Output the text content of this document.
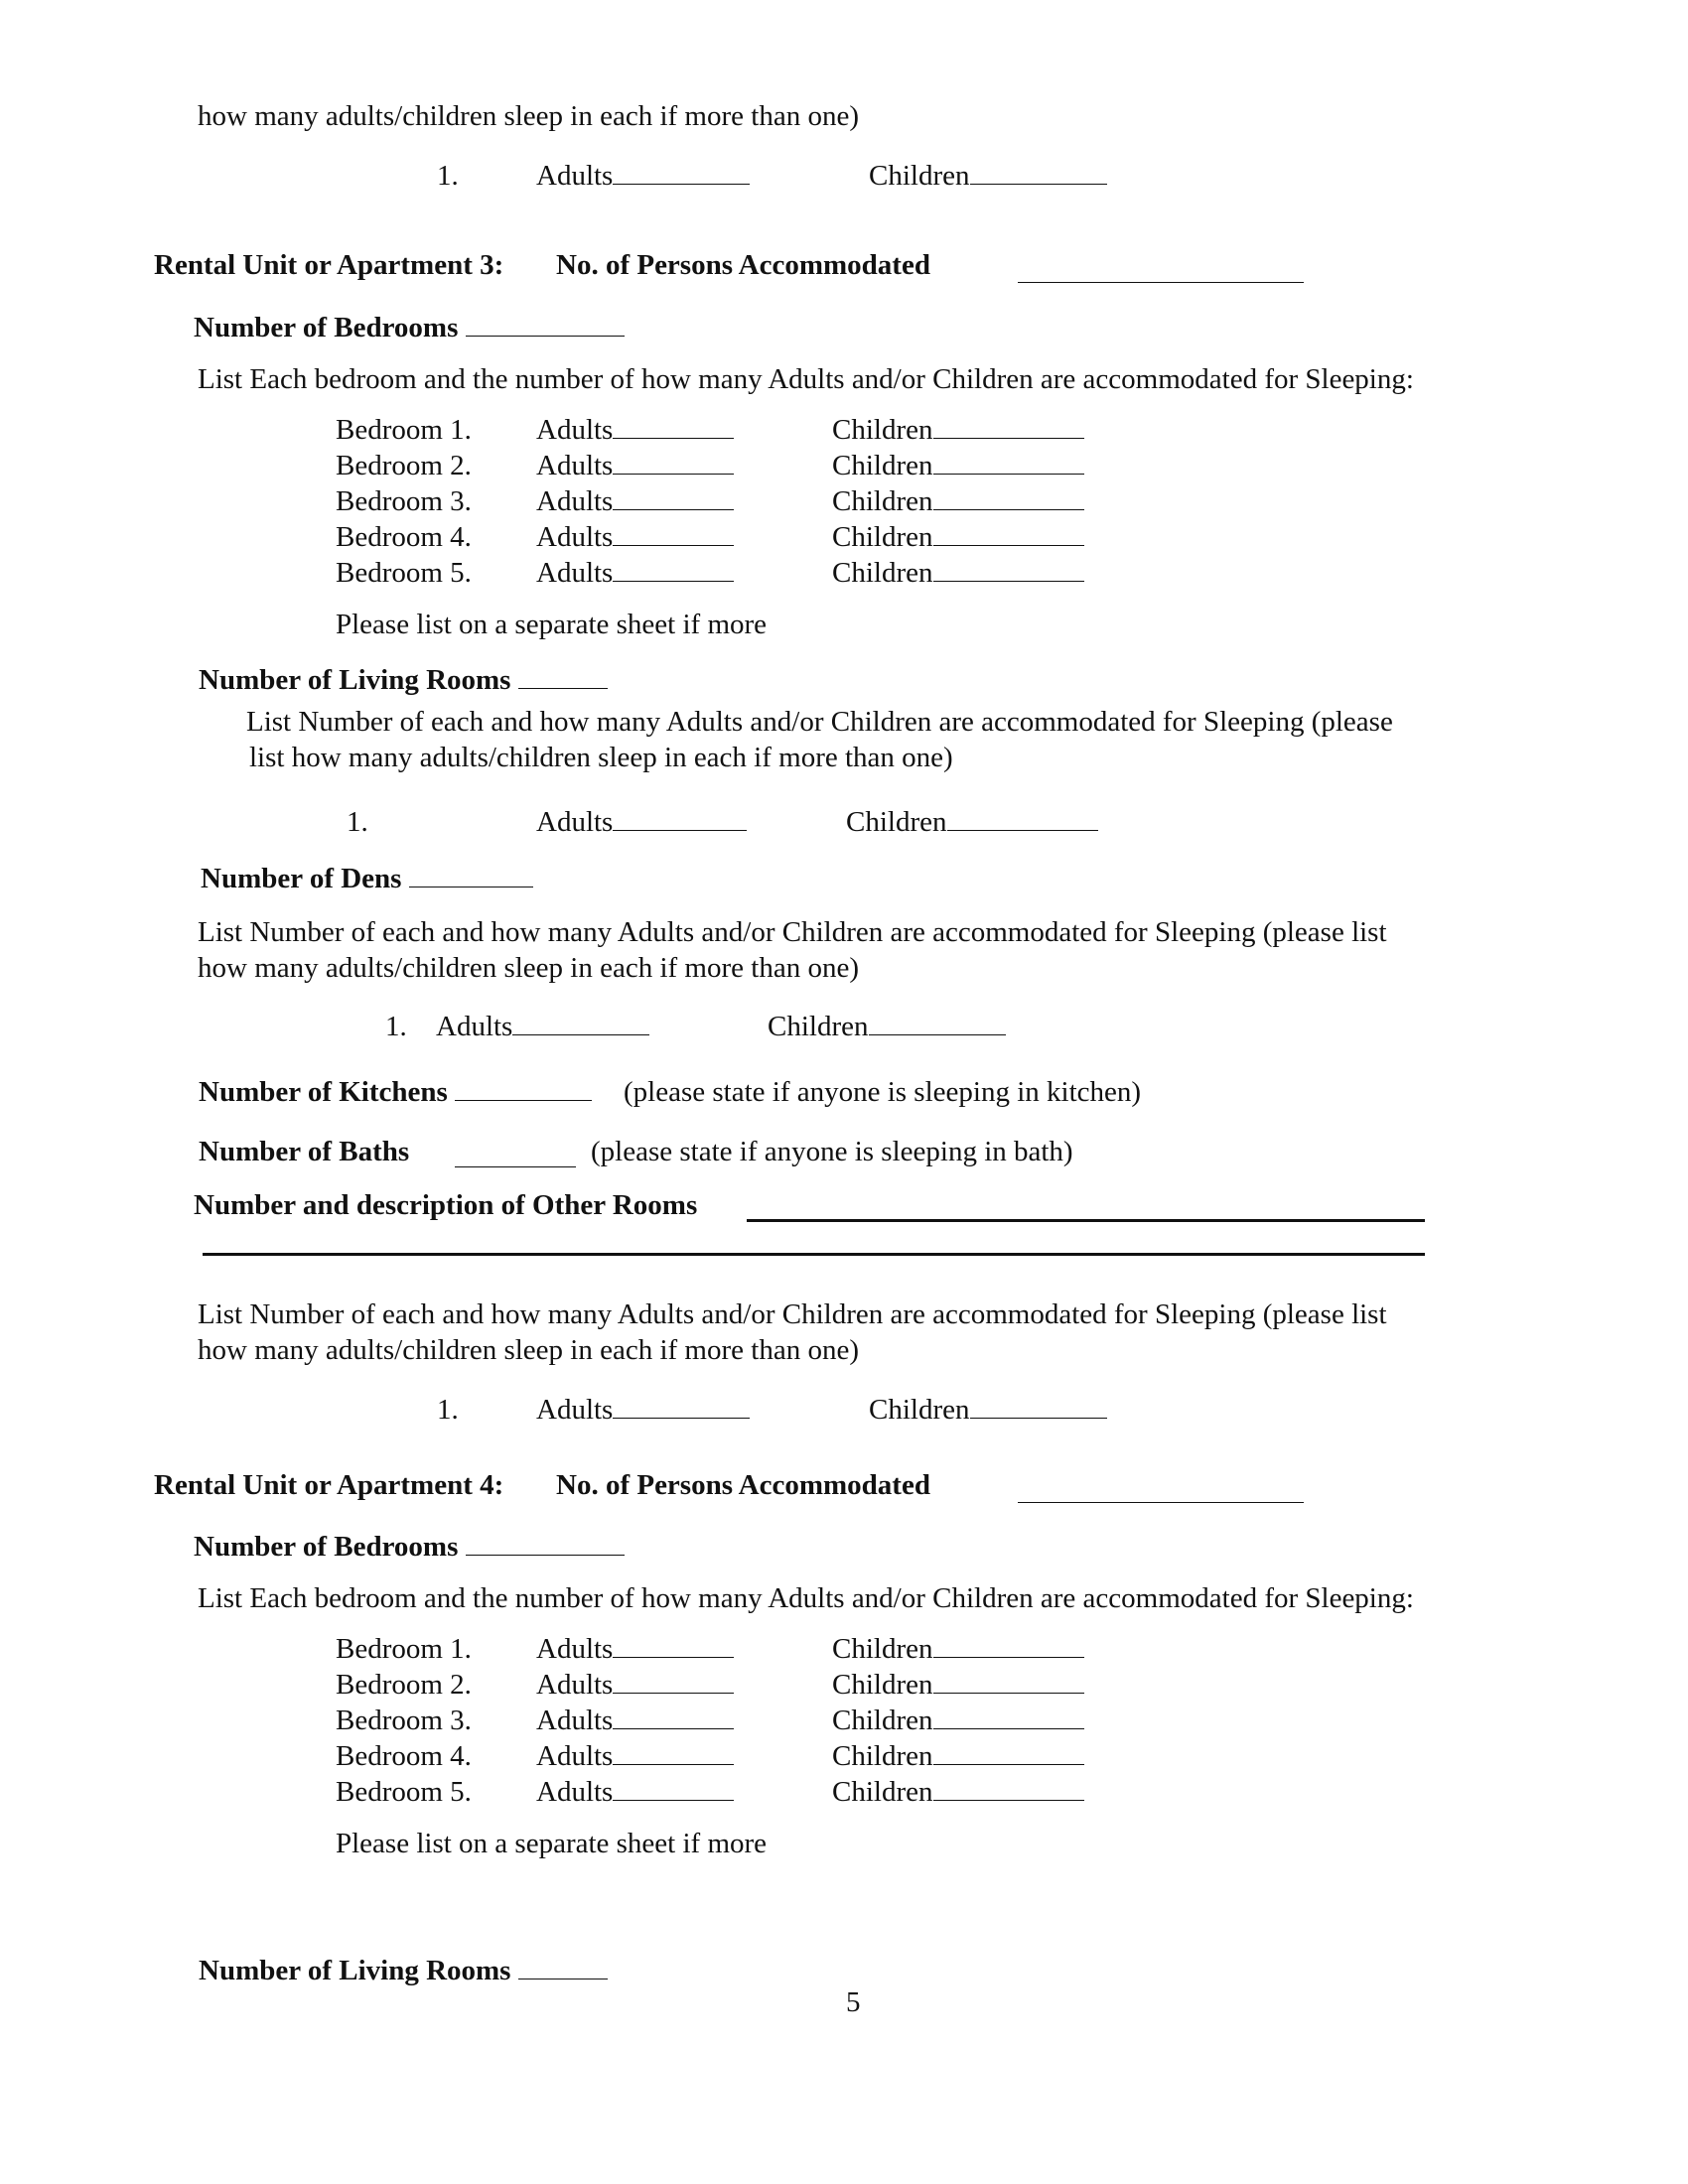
how many adults/children sleep in each if more than one)
1.	Adults	Children
Rental Unit or Apartment 3: No. of Persons Accommodated
Number of Bedrooms
List Each bedroom and the number of how many Adults and/or Children are accommodated for Sleeping:
Bedroom 1. Adults	Children
Bedroom 2. Adults	Children
Bedroom 3. Adults	Children
Bedroom 4. Adults	Children
Bedroom 5. Adults	Children
Please list on a separate sheet if more
Number of Living Rooms
List Number of each and how many Adults and/or Children are accommodated for Sleeping (please
list how many adults/children sleep in each if more than one)
1.	Adults	Children
Number of Dens
List Number of each and how many Adults and/or Children are accommodated for Sleeping (please list
how many adults/children sleep in each if more than one)
1. Adults	Children
Number of Kitchens	(please state if anyone is sleeping in kitchen)
Number of Baths	(please state if anyone is sleeping in bath)
Number and description of Other Rooms
List Number of each and how many Adults and/or Children are accommodated for Sleeping (please list
how many adults/children sleep in each if more than one)
1.	Adults	Children
Rental Unit or Apartment 4: No. of Persons Accommodated
Number of Bedrooms
List Each bedroom and the number of how many Adults and/or Children are accommodated for Sleeping:
Bedroom 1. Adults	Children
Bedroom 2. Adults	Children
Bedroom 3. Adults	Children
Bedroom 4. Adults	Children
Bedroom 5. Adults	Children
Please list on a separate sheet if more
Number of Living Rooms
5
